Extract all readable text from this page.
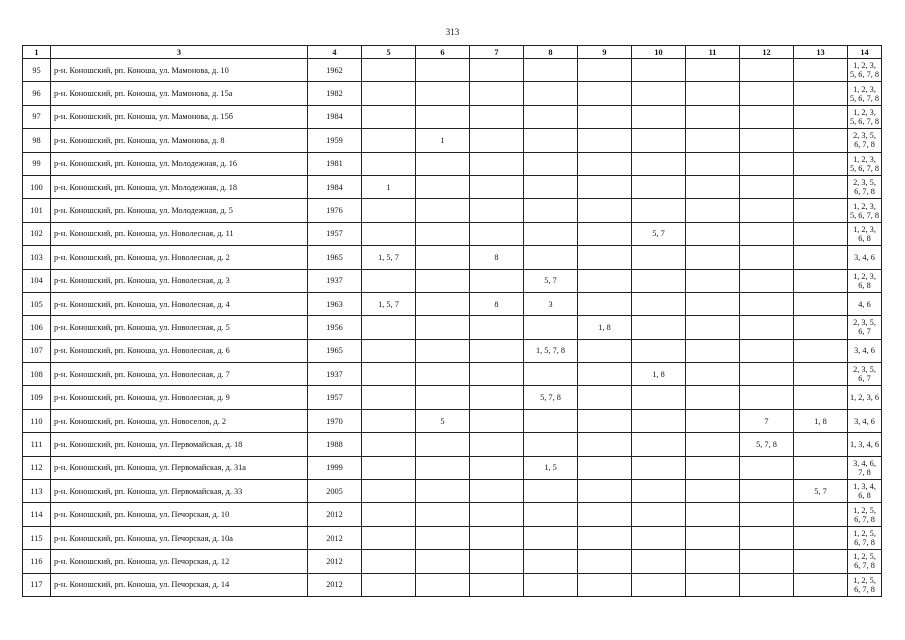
313
1	3	4	5	6	7	8	9	10	11	12	13	14
95	р-н. Коношский, рп. Коноша, ул. Мамонова, д. 10	1962										1, 2, 3, 5, 6, 7, 8
96	р-н. Коношский, рп. Коноша, ул. Мамонова, д. 15а	1982										1, 2, 3, 5, 6, 7, 8
97	р-н. Коношский, рп. Коноша, ул. Мамонова, д. 15б	1984										1, 2, 3, 5, 6, 7, 8
98	р-н. Коношский, рп. Коноша, ул. Мамонова, д. 8	1959		1								2, 3, 5, 6, 7, 8
99	р-н. Коношский, рп. Коноша, ул. Молодежная, д. 16	1981										1, 2, 3, 5, 6, 7, 8
100	р-н. Коношский, рп. Коноша, ул. Молодежная, д. 18	1984	1									2, 3, 5, 6, 7, 8
101	р-н. Коношский, рп. Коноша, ул. Молодежная, д. 5	1976										1, 2, 3, 5, 6, 7, 8
102	р-н. Коношский, рп. Коноша, ул. Новолесная, д. 11	1957						5, 7				1, 2, 3, 6, 8
103	р-н. Коношский, рп. Коноша, ул. Новолесная, д. 2	1965	1, 5, 7		8							3, 4, 6
104	р-н. Коношский, рп. Коноша, ул. Новолесная, д. 3	1937				5, 7						1, 2, 3, 6, 8
105	р-н. Коношский, рп. Коноша, ул. Новолесная, д. 4	1963	1, 5, 7		8	3						4, 6
106	р-н. Коношский, рп. Коноша, ул. Новолесная, д. 5	1956					1, 8					2, 3, 5, 6, 7
107	р-н. Коношский, рп. Коноша, ул. Новолесная, д. 6	1965				1, 5, 7, 8						3, 4, 6
108	р-н. Коношский, рп. Коноша, ул. Новолесная, д. 7	1937						1, 8				2, 3, 5, 6, 7
109	р-н. Коношский, рп. Коноша, ул. Новолесная, д. 9	1957				5, 7, 8						1, 2, 3, 6
110	р-н. Коношский, рп. Коноша, ул. Новоселов, д. 2	1970		5						7	1, 8	3, 4, 6
111	р-н. Коношский, рп. Коноша, ул. Первомайская, д. 18	1988								5, 7, 8		1, 3, 4, 6
112	р-н. Коношский, рп. Коноша, ул. Первомайская, д. 31а	1999				1, 5						3, 4, 6, 7, 8
113	р-н. Коношский, рп. Коноша, ул. Первомайская, д. 33	2005									5, 7	1, 3, 4, 6, 8
114	р-н. Коношский, рп. Коноша, ул. Печорская, д. 10	2012										1, 2, 5, 6, 7, 8
115	р-н. Коношский, рп. Коноша, ул. Печорская, д. 10а	2012										1, 2, 5, 6, 7, 8
116	р-н. Коношский, рп. Коноша, ул. Печорская, д. 12	2012										1, 2, 5, 6, 7, 8
117	р-н. Коношский, рп. Коноша, ул. Печорская, д. 14	2012										1, 2, 5, 6, 7, 8
